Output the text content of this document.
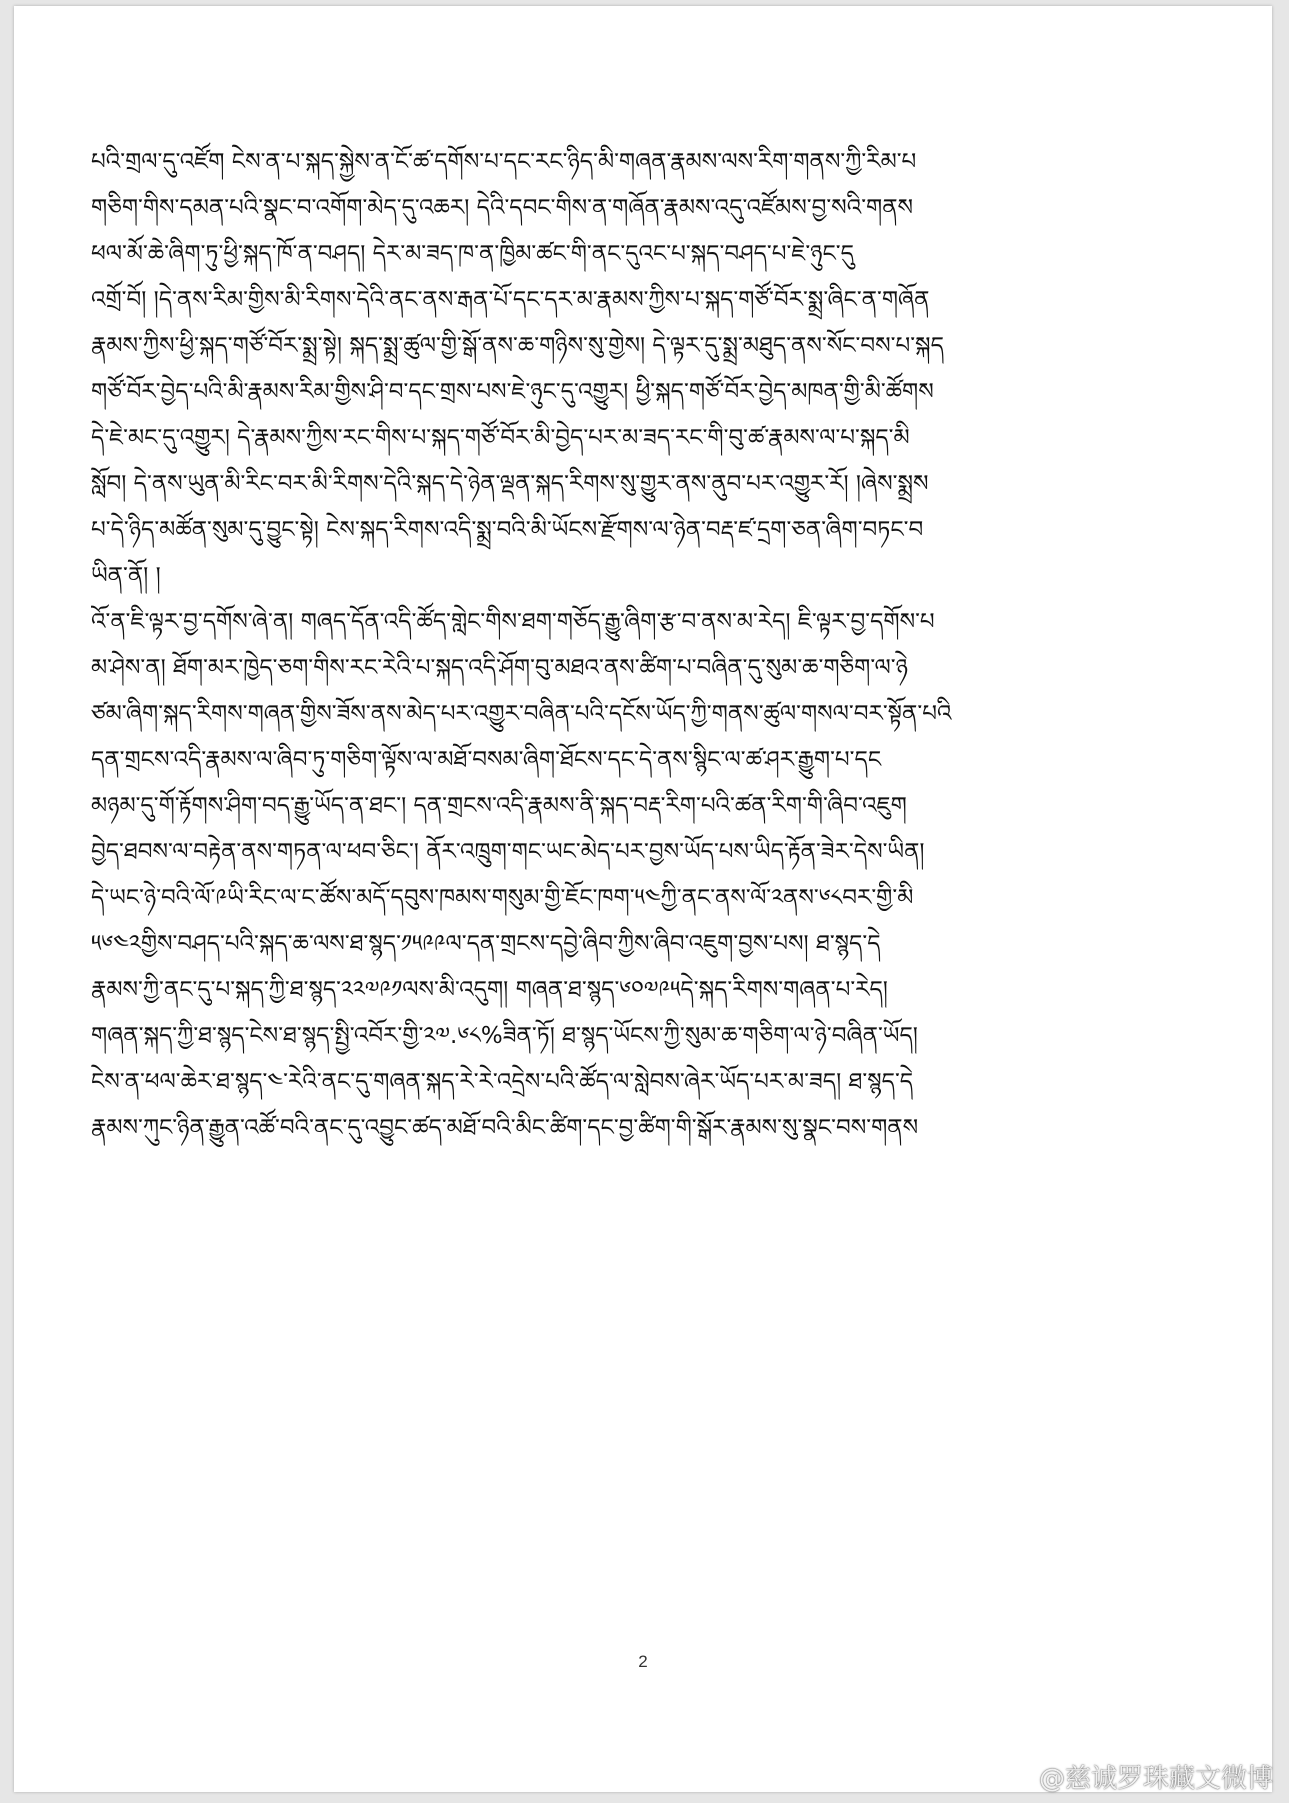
པའི་གྲལ་དུ་འཛོག ངེས་ན་པ་སྐད་སྐྱེས་ན་ངོ་ཚ་དགོས་པ་དང་རང་ཉིད་མི་གཞན་རྣམས་ལས་རིག་གནས་ཀྱི་རིམ་པ
གཅིག་གིས་དམན་པའི་སྣང་བ་འགོག་མེད་དུ་འཆར། དེའི་དབང་གིས་ན་གཞོན་རྣམས་འདུ་འཛོམས་བྱ་སའི་གནས
ཕལ་མོ་ཆེ་ཞིག་ཏུ་ཕྱི་སྐད་ཁོ་ན་བཤད། དེར་མ་ཟད་ཁ་ན་ཁྱིམ་ཚང་གི་ནང་དུའང་པ་སྐད་བཤད་པ་ཇེ་ཉུང་དུ
འགྲོ་བོ། །དེ་ནས་རིམ་གྱིས་མི་རིགས་དེའི་ནང་ནས་རྒན་པོ་དང་དར་མ་རྣམས་ཀྱིས་པ་སྐད་གཙོ་བོར་སྨྲ་ཞིང་ན་གཞོན
རྣམས་ཀྱིས་ཕྱི་སྐད་གཙོ་བོར་སྨྲ་སྟེ། སྐད་སྨྲ་ཚུལ་གྱི་སྒོ་ནས་ཆ་གཉིས་སུ་གྱེས། དེ་ལྟར་དུ་སྨྲ་མཐུད་ནས་སོང་བས་པ་སྐད
གཙོ་བོར་བྱེད་པའི་མི་རྣམས་རིམ་གྱིས་ཤི་བ་དང་གྲས་པས་ཇེ་ཉུང་དུ་འགྱུར། ཕྱི་སྐད་གཙོ་བོར་བྱེད་མཁན་གྱི་མི་ཚོགས
དེ་ཇེ་མང་དུ་འགྱུར། དེ་རྣམས་ཀྱིས་རང་གིས་པ་སྐད་གཙོ་བོར་མི་བྱེད་པར་མ་ཟད་རང་གི་བུ་ཚ་རྣམས་ལ་པ་སྐད་མི
སློབ། དེ་ནས་ཡུན་མི་རིང་བར་མི་རིགས་དེའི་སྐད་དེ་ཉེན་ལྡན་སྐད་རིགས་སུ་གྱུར་ནས་ནུབ་པར་འགྱུར་རོ། །ཞེས་སྨྲས
པ་དེ་ཉིད་མཚོན་སུམ་དུ་བྱུང་སྟེ། ངེས་སྐད་རིགས་འདི་སྨྲ་བའི་མི་ཡོངས་རྫོགས་ལ་ཉེན་བརྡ་ཛ་དྲག་ཅན་ཞིག་བཏང་བ
ཡིན་ནོ། །
འོ་ན་ཇི་ལྟར་བྱ་དགོས་ཞེ་ན། གཞད་དོན་འདི་ཚོད་གླེང་གིས་ཐག་གཅོད་རྒྱུ་ཞིག་རྩ་བ་ནས་མ་རེད། ཇི་ལྟར་བྱ་དགོས་པ
མ་ཤེས་ན། ཐོག་མར་ཁྱེད་ཅག་གིས་རང་རེའི་པ་སྐད་འདི་ཤོག་བུ་མཐའ་ནས་ཚིག་པ་བཞིན་དུ་སུམ་ཆ་གཅིག་ལ་ཉེ
ཙམ་ཞིག་སྐད་རིགས་གཞན་གྱིས་ཟོས་ནས་མེད་པར་འགྱུར་བཞིན་པའི་དངོས་ཡོད་ཀྱི་གནས་ཚུལ་གསལ་བར་སྟོན་པའི
དན་གྲངས་འདི་རྣམས་ལ་ཞིབ་ཏུ་གཅིག་ལྟོས་ལ་མཐོ་བསམ་ཞིག་ཐོངས་དང་དེ་ནས་སྙིང་ལ་ཚ་ཤར་རྒྱུག་པ་དང
མཉམ་དུ་གོ་རྟོགས་ཤིག་བད་རྒྱུ་ཡོད་ན་ཐང་། དན་གྲངས་འདི་རྣམས་ནི་སྐད་བརྡ་རིག་པའི་ཚན་རིག་གི་ཞིབ་འཇུག
བྱེད་ཐབས་ལ་བརྟེན་ནས་གཏན་ལ་ཕབ་ཅིང་། ནོར་འཁྲུག་གང་ཡང་མེད་པར་བྱས་ཡོད་པས་ཡིད་རྟོན་ཟེར་དེས་ཡིན།
དེ་ཡང་ཉེ་བའི་ལོ་༩ཡི་རིང་ལ་ང་ཚོས་མདོ་དབུས་ཁམས་གསུམ་གྱི་ཇོང་ཁག་༥༤ཀྱི་ནང་ནས་ལོ་༢ནས་༦༨བར་གྱི་མི
༥༦༤༢གྱིས་བཤད་པའི་སྐད་ཆ་ལས་ཐ་སྙད་༡༥༩༩ལ་དན་གྲངས་དབྱེ་ཞིབ་ཀྱིས་ཞིབ་འཇུག་བྱས་པས། ཐ་སྙད་དེ
རྣམས་ཀྱི་ནང་དུ་པ་སྐད་ཀྱི་ཐ་སྙད་༢༢༧༩༡ལས་མི་འདུག། གཞན་ཐ་སྙད་༦༠༧༩༥དེ་སྐད་རིགས་གཞན་པ་རེད།
གཞན་སྐད་ཀྱི་ཐ་སྙད་ངེས་ཐ་སྙད་སྤྱི་འབོར་གྱི་༢༧.༦༨%ཟིན་ཏོ། ཐ་སྙད་ཡོངས་ཀྱི་སུམ་ཆ་གཅིག་ལ་ཉེ་བཞིན་ཡོད།
ངེས་ན་ཕལ་ཆེར་ཐ་སྙད་༤་རེའི་ནང་དུ་གཞན་སྐད་རེ་རེ་འདྲེས་པའི་ཚོད་ལ་སླེབས་ཞེར་ཡོད་པར་མ་ཟད། ཐ་སྙད་དེ
རྣམས་ཀུང་ཉིན་རྒྱུན་འཚོ་བའི་ནང་དུ་འབྱུང་ཚད་མཐོ་བའི་མིང་ཚིག་དང་བྱ་ཚིག་གི་སྒོར་རྣམས་སུ་སྣང་བས་གནས
2
@慈诚罗珠藏文微博
